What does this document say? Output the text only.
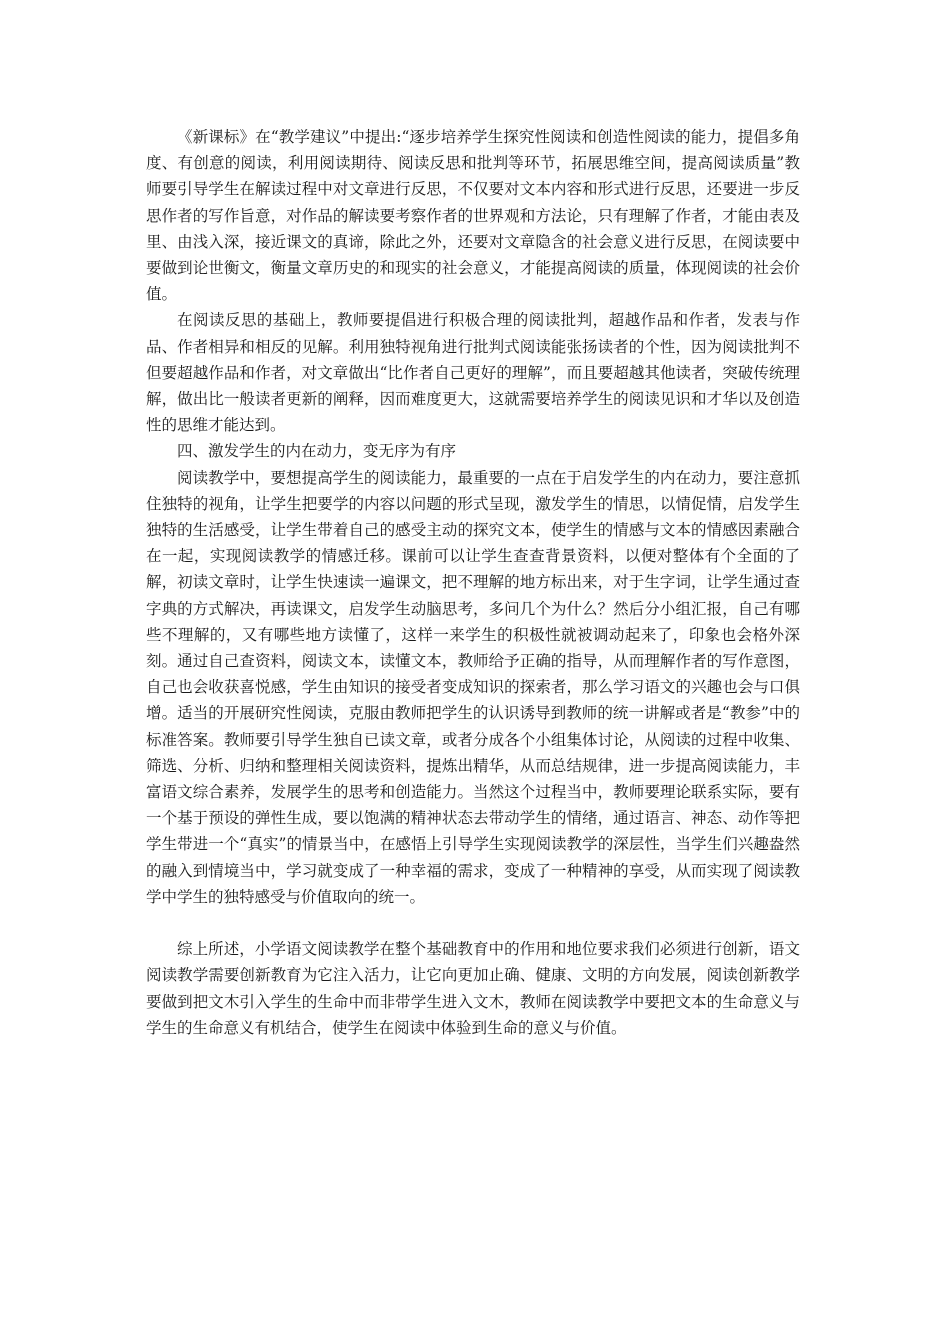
《新课标》在“教学建议”中提出:“逐步培养学生探究性阅读和创造性阅读的能力，提倡多角度、有创意的阅读，利用阅读期待、阅读反思和批判等环节，拓展思维空间，提高阅读质量”教师要引导学生在解读过程中对文章进行反思，不仅要对文本内容和形式进行反思，还要进一步反思作者的写作旨意，对作品的解读要考察作者的世界观和方法论，只有理解了作者，才能由表及里、由浅入深，接近课文的真谛，除此之外，还要对文章隐含的社会意义进行反思，在阅读要中要做到论世衡文，衡量文章历史的和现实的社会意义，才能提高阅读的质量，体现阅读的社会价值。

在阅读反思的基础上，教师要提倡进行积极合理的阅读批判，超越作品和作者，发表与作品、作者相异和相反的见解。利用独特视角进行批判式阅读能张扬读者的个性，因为阅读批判不但要超越作品和作者，对文章做出“比作者自己更好的理解”，而且要超越其他读者，突破传统理解，做出比一般读者更新的阐释，因而难度更大，这就需要培养学生的阅读见识和才华以及创造性的思维才能达到。

四、激发学生的内在动力，变无序为有序

阅读教学中，要想提高学生的阅读能力，最重要的一点在于启发学生的内在动力，要注意抓住独特的视角，让学生把要学的内容以问题的形式呈现，激发学生的情思，以情促情，启发学生独特的生活感受，让学生带着自己的感受主动的探究文本，使学生的情感与文本的情感因素融合在一起，实现阅读教学的情感迁移。课前可以让学生查查背景资料，以便对整体有个全面的了解，初读文章时，让学生快速读一遍课文，把不理解的地方标出来，对于生字词，让学生通过查字典的方式解决，再读课文，启发学生动脑思考，多问几个为什么？然后分小组汇报，自己有哪些不理解的，又有哪些地方读懂了，这样一来学生的积极性就被调动起来了，印象也会格外深刻。通过自己查资料，阅读文本，读懂文本，教师给予正确的指导，从而理解作者的写作意图，自己也会收获喜悦感，学生由知识的接受者变成知识的探索者，那么学习语文的兴趣也会与口俱增。适当的开展研究性阅读，克服由教师把学生的认识诱导到教师的统一讲解或者是“教参”中的标准答案。教师要引导学生独自已读文章，或者分成各个小组集体讨论，从阅读的过程中收集、筛选、分析、归纳和整理相关阅读资料，提炼出精华，从而总结规律，进一步提高阅读能力，丰富语文综合素养，发展学生的思考和创造能力。当然这个过程当中，教师要理论联系实际，要有一个基于预设的弹性生成，要以饱满的精神状态去带动学生的情绪，通过语言、神态、动作等把学生带进一个“真实”的情景当中，在感悟上引导学生实现阅读教学的深层性，当学生们兴趣盎然的融入到情境当中，学习就变成了一种幸福的需求，变成了一种精神的享受，从而实现了阅读教学中学生的独特感受与价值取向的统一。

综上所述，小学语文阅读教学在整个基础教育中的作用和地位要求我们必须进行创新，语文阅读教学需要创新教育为它注入活力，让它向更加止确、健康、文明的方向发展，阅读创新教学要做到把文木引入学生的生命中而非带学生进入文木，教师在阅读教学中要把文本的生命意义与学生的生命意义有机结合，使学生在阅读中体验到生命的意义与价值。
